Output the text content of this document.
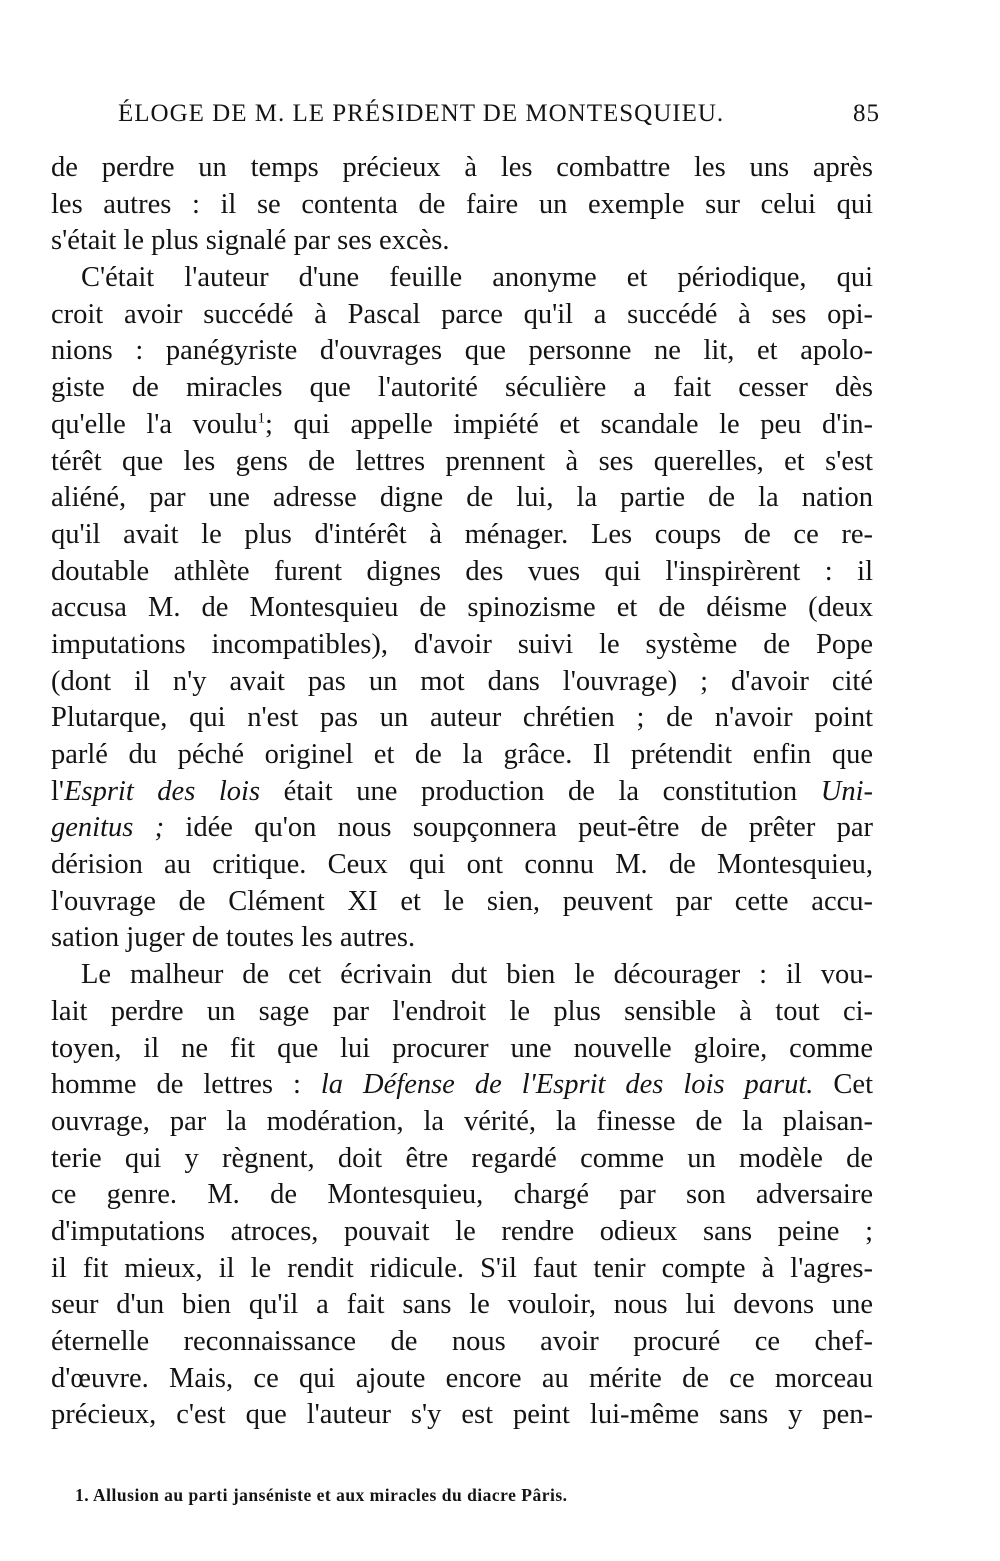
ÉLOGE DE M. LE PRÉSIDENT DE MONTESQUIEU.	85
de perdre un temps précieux à les combattre les uns après
les autres : il se contenta de faire un exemple sur celui qui
s'était le plus signalé par ses excès.
C'était l'auteur d'une feuille anonyme et périodique, qui
croit avoir succédé à Pascal parce qu'il a succédé à ses opi-
nions : panégyriste d'ouvrages que personne ne lit, et apolo-
giste de miracles que l'autorité séculière a fait cesser dès
qu'elle l'a voulu$^1$; qui appelle impiété et scandale le peu d'in-
térêt que les gens de lettres prennent à ses querelles, et s'est
aliéné, par une adresse digne de lui, la partie de la nation
qu'il avait le plus d'intérêt à ménager. Les coups de ce re-
doutable athlète furent dignes des vues qui l'inspirèrent : il
accusa M. de Montesquieu de spinozisme et de déisme (deux
imputations incompatibles), d'avoir suivi le système de Pope
(dont il n'y avait pas un mot dans l'ouvrage) ; d'avoir cité
Plutarque, qui n'est pas un auteur chrétien ; de n'avoir point
parlé du péché originel et de la grâce. Il prétendit enfin que
l'Esprit des lois était une production de la constitution Uni-
genitus ; idée qu'on nous soupçonnera peut-être de prêter par
dérision au critique. Ceux qui ont connu M. de Montesquieu,
l'ouvrage de Clément XI et le sien, peuvent par cette accu-
sation juger de toutes les autres.
Le malheur de cet écrivain dut bien le décourager : il vou-
lait perdre un sage par l'endroit le plus sensible à tout ci-
toyen, il ne fit que lui procurer une nouvelle gloire, comme
homme de lettres : la Défense de l'Esprit des lois parut. Cet
ouvrage, par la modération, la vérité, la finesse de la plaisan-
terie qui y règnent, doit être regardé comme un modèle de
ce genre. M. de Montesquieu, chargé par son adversaire
d'imputations atroces, pouvait le rendre odieux sans peine ;
il fit mieux, il le rendit ridicule. S'il faut tenir compte à l'agres-
seur d'un bien qu'il a fait sans le vouloir, nous lui devons une
éternelle reconnaissance de nous avoir procuré ce chef-
d'œuvre. Mais, ce qui ajoute encore au mérite de ce morceau
précieux, c'est que l'auteur s'y est peint lui-même sans y pen-
1. Allusion au parti janséniste et aux miracles du diacre Pâris.
